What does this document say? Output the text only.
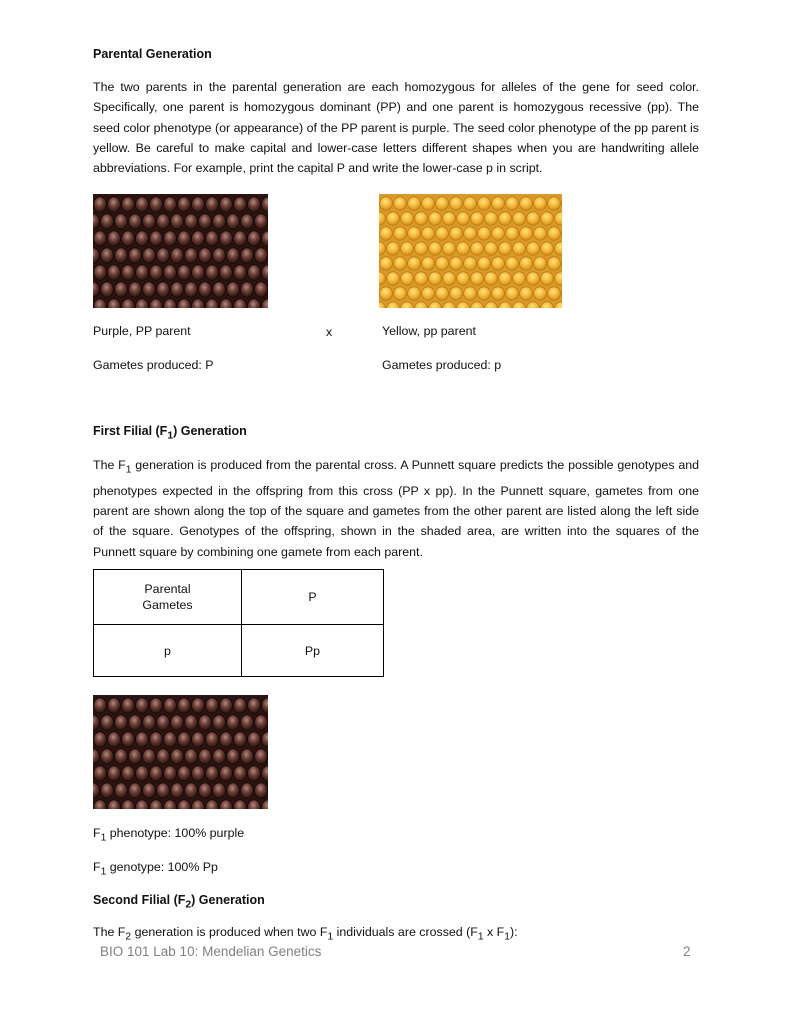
Parental Generation

The two parents in the parental generation are each homozygous for alleles of the gene for seed color. Specifically, one parent is homozygous dominant (PP) and one parent is homozygous recessive (pp). The seed color phenotype (or appearance) of the PP parent is purple. The seed color phenotype of the pp parent is yellow. Be careful to make capital and lower-case letters different shapes when you are handwriting allele abbreviations. For example, print the capital P and write the lower-case p in script.

Purple, PP parent	x	Yellow, pp parent
Gametes produced: P	Gametes produced: p
First Filial $(F_1)$ Generation

The $F_1$ generation is produced from the parental cross. A Punnett square predicts the possible genotypes and phenotypes expected in the offspring from this cross (PP x pp). In the Punnett square, gametes from one parent are shown along the top of the square and gametes from the other parent are listed along the left side of the square. Genotypes of the offspring, shown in the shaded area, are written into the squares of the Punnett square by combining one gamete from each parent.

Parental
Gametes	P
p	Pp
$F_1$ phenotype: 100% purple
$F_1$ genotype: 100% Pp
Second Filial $(F_2)$ Generation
The $F_2$ generation is produced when two $F_1$ individuals are crossed ($F_1$ x $F_1$):
BIO 101 Lab 10: Mendelian Genetics	2
